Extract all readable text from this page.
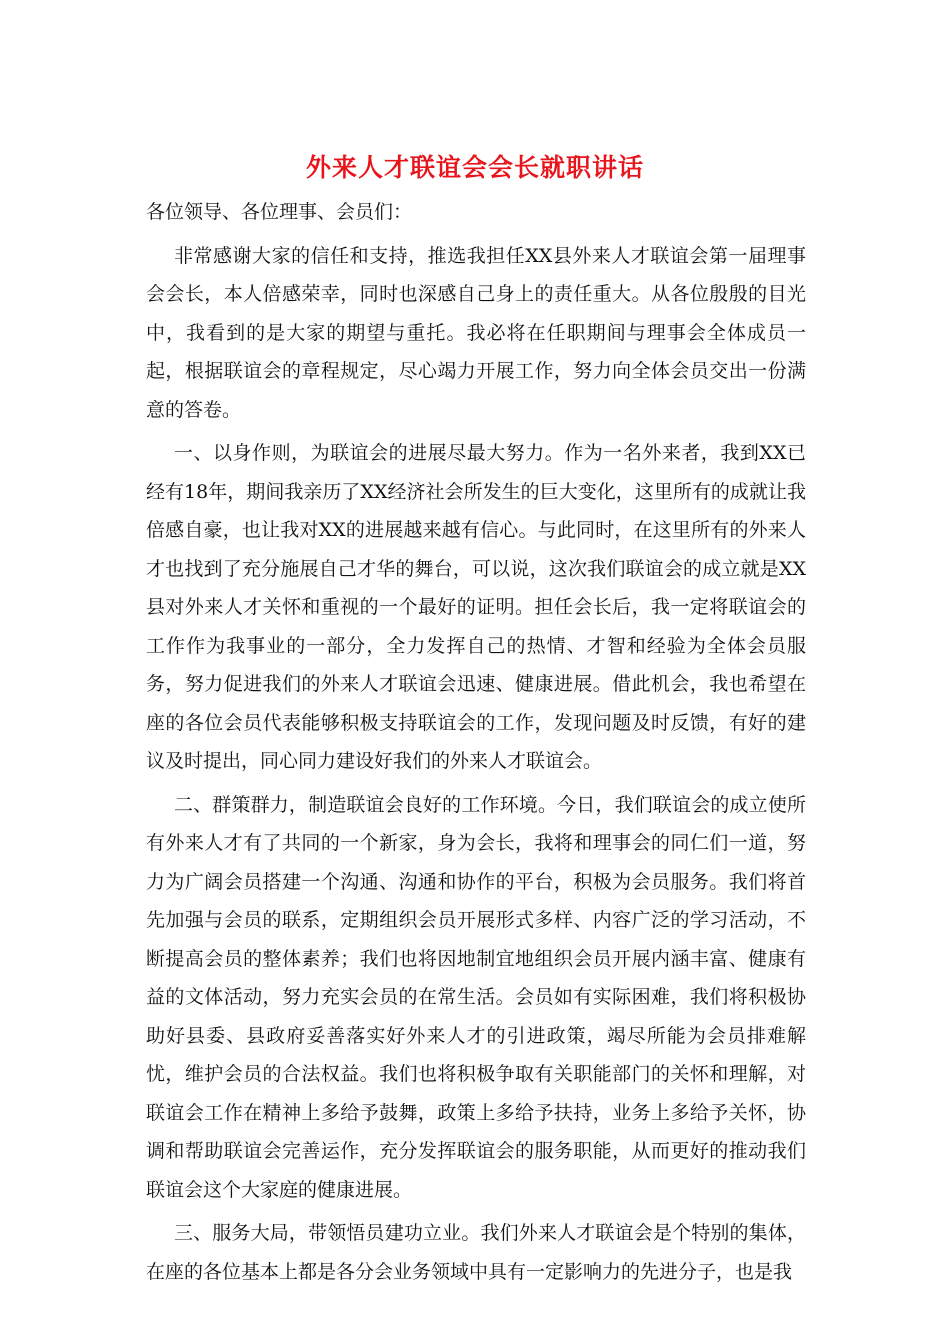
外来人才联谊会会长就职讲话

各位领导、各位理事、会员们：

非常感谢大家的信任和支持，推选我担任XX县外来人才联谊会第一届理事会会长，本人倍感荣幸，同时也深感自己身上的责任重大。从各位殷殷的目光中，我看到的是大家的期望与重托。我必将在任职期间与理事会全体成员一起，根据联谊会的章程规定，尽心竭力开展工作，努力向全体会员交出一份满意的答卷。

一、以身作则，为联谊会的进展尽最大努力。作为一名外来者，我到XX已经有18年，期间我亲历了XX经济社会所发生的巨大变化，这里所有的成就让我倍感自豪，也让我对XX的进展越来越有信心。与此同时，在这里所有的外来人才也找到了充分施展自己才华的舞台，可以说，这次我们联谊会的成立就是XX县对外来人才关怀和重视的一个最好的证明。担任会长后，我一定将联谊会的工作作为我事业的一部分，全力发挥自己的热情、才智和经验为全体会员服务，努力促进我们的外来人才联谊会迅速、健康进展。借此机会，我也希望在座的各位会员代表能够积极支持联谊会的工作，发现问题及时反馈，有好的建议及时提出，同心同力建设好我们的外来人才联谊会。

二、群策群力，制造联谊会良好的工作环境。今日，我们联谊会的成立使所有外来人才有了共同的一个新家，身为会长，我将和理事会的同仁们一道，努力为广阔会员搭建一个沟通、沟通和协作的平台，积极为会员服务。我们将首先加强与会员的联系，定期组织会员开展形式多样、内容广泛的学习活动，不断提高会员的整体素养；我们也将因地制宜地组织会员开展内涵丰富、健康有益的文体活动，努力充实会员的在常生活。会员如有实际困难，我们将积极协助好县委、县政府妥善落实好外来人才的引进政策，竭尽所能为会员排难解忧，维护会员的合法权益。我们也将积极争取有关职能部门的关怀和理解，对联谊会工作在精神上多给予鼓舞，政策上多给予扶持，业务上多给予关怀，协调和帮助联谊会完善运作，充分发挥联谊会的服务职能，从而更好的推动我们联谊会这个大家庭的健康进展。

三、服务大局，带领悟员建功立业。我们外来人才联谊会是个特别的集体，在座的各位基本上都是各分会业务领域中具有一定影响力的先进分子，也是我
